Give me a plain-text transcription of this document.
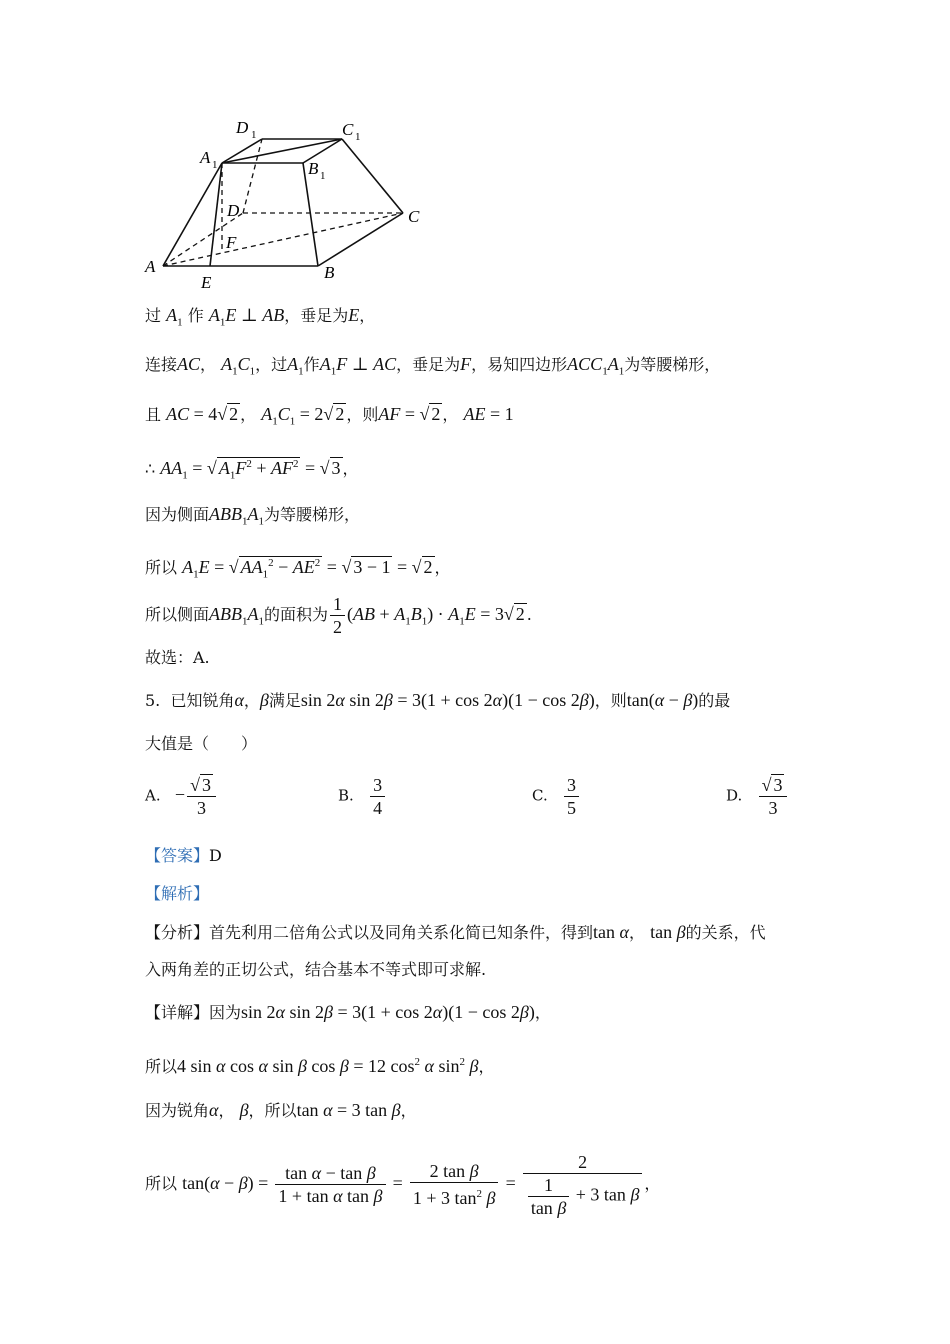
A
E
B
C
D
F
A 1
D 1	C 1
B 1
过 $A_1$ 作 $A_1E$ ⊥ AB，垂足为E，
连接AC， $A_1C_1$，过$A_1$作$A_1F$ ⊥ AC，垂足为F，易知四边形$ACC_1A_1$为等腰梯形，
且 AC = 4√ 2 ， $A_1C_1 = 2√$ 2 ，则AF = √ 2 ， AE = 1
∴ $AA_1$ = √ $A_1F^2 + AF^2$ = √ 3 ，
因为侧面$ABB_1A_1$为等腰梯形，
所以 $A_1E$ = √ $AA_1^2 - AE^2$ = √ 3 − 1 = √ 2 ，
所以侧面$ABB_1A_1$的面积为 $\frac{1}{2} (AB + A_1B_1) \cdot A_1E = 3√$ 2 .
故选：A.
5. 已知锐角α，β满足sin 2α sin 2β = 3(1 + cos 2α)(1 − cos 2β)，则tan(α − β)的最
大值是（　　）
A. − $\frac{√ 3}{3}$	B. $\frac{3}{4}$	C. $\frac{3}{5}$	D. $\frac{√ 3}{3}$
【答案】D
【解析】
【分析】首先利用二倍角公式以及同角关系化简已知条件，得到tan α， tan β的关系，代
入两角差的正切公式，结合基本不等式即可求解.
【详解】因为sin 2α sin 2β = 3(1 + cos 2α)(1 − cos 2β)，
所以4 sin α cos α sin β cos β = 12 $\cos^2 \alpha$ $\sin^2 \beta$，
因为锐角α， β，所以tan α = 3 tan β，
所以 $\tan(\alpha - \beta) = \frac{\text{tan α − tan β}}{\text{1 + tan α tan β}} = \frac{\text{2 tan β}}{1 + 3 \tan^2 \beta} = \frac{2}{\frac{1}{\text{tan β}} + 3 \tan \beta}$ ，
